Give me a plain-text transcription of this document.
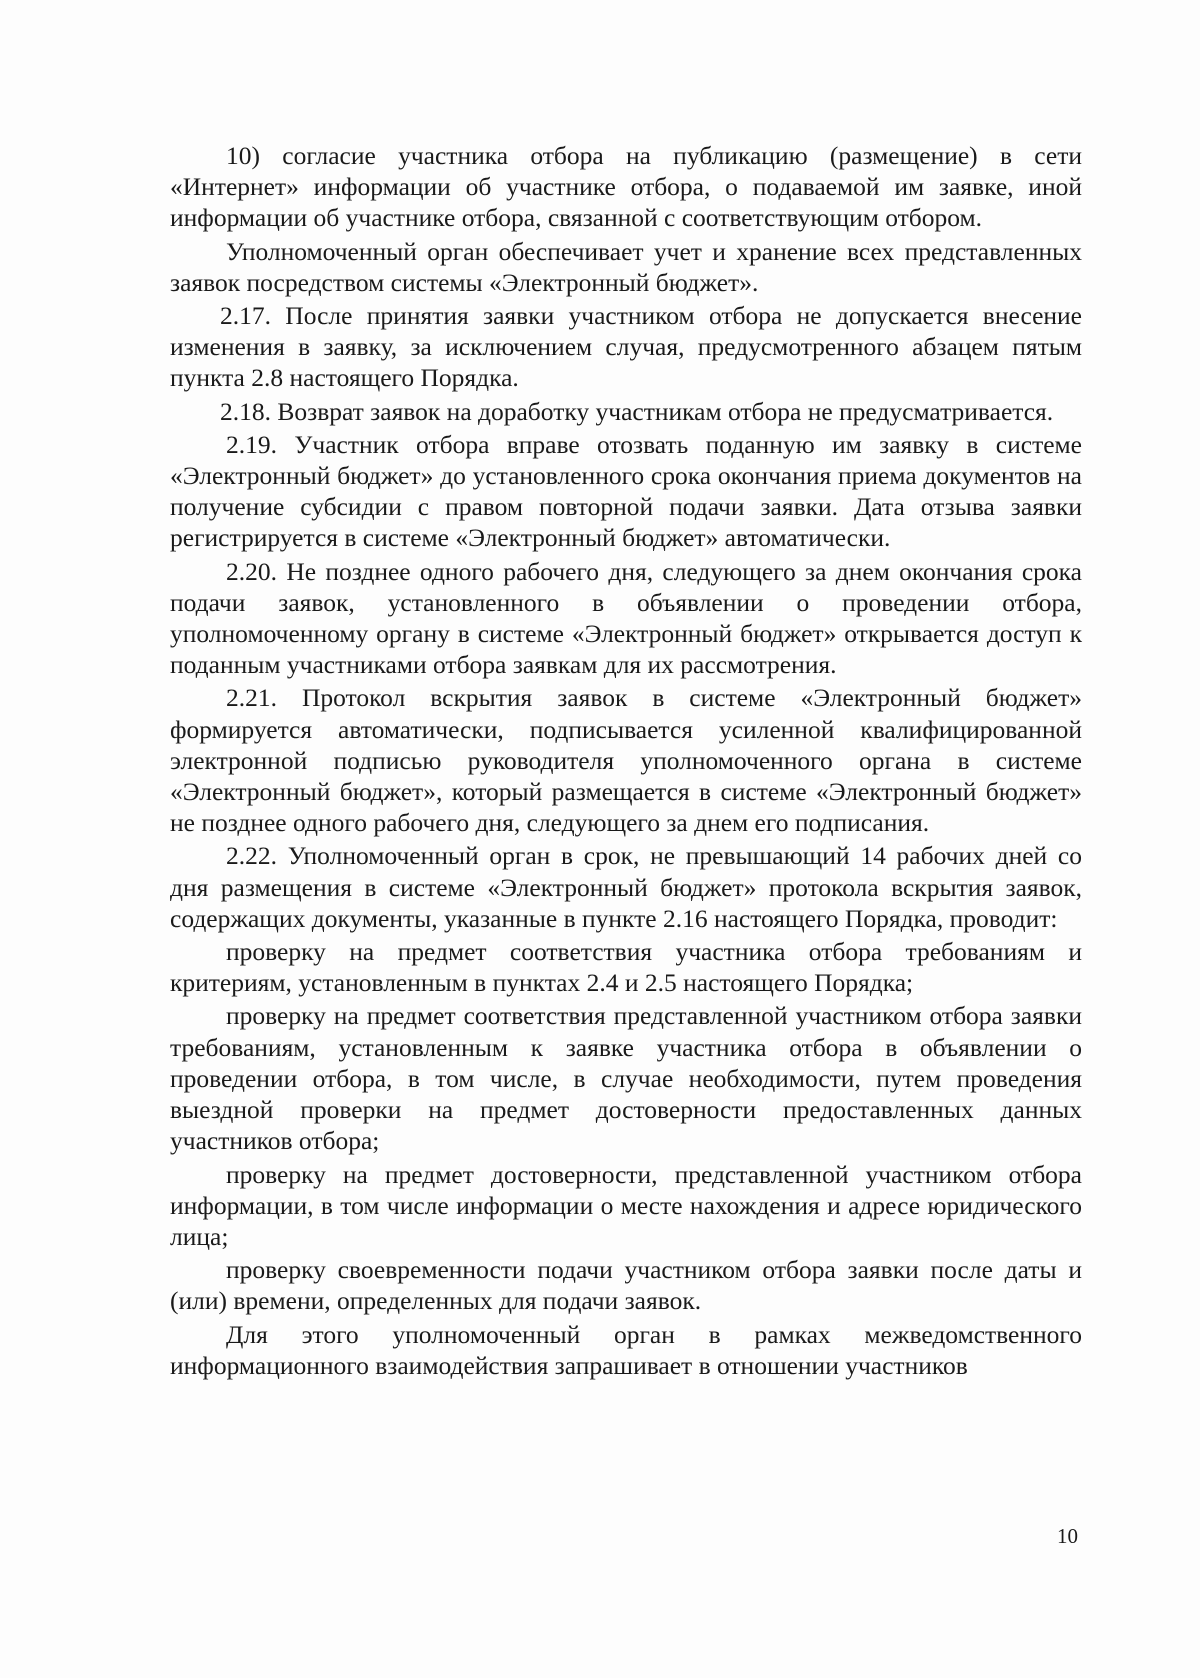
10) согласие участника отбора на публикацию (размещение) в сети «Интернет» информации об участнике отбора, о подаваемой им заявке, иной информации об участнике отбора, связанной с соответствующим отбором.

Уполномоченный орган обеспечивает учет и хранение всех представленных заявок посредством системы «Электронный бюджет».

2.17. После принятия заявки участником отбора не допускается внесение изменения в заявку, за исключением случая, предусмотренного абзацем пятым пункта 2.8 настоящего Порядка.

2.18. Возврат заявок на доработку участникам отбора не предусматривается.

2.19. Участник отбора вправе отозвать поданную им заявку в системе «Электронный бюджет» до установленного срока окончания приема документов на получение субсидии с правом повторной подачи заявки. Дата отзыва заявки регистрируется в системе «Электронный бюджет» автоматически.

2.20. Не позднее одного рабочего дня, следующего за днем окончания срока подачи заявок, установленного в объявлении о проведении отбора, уполномоченному органу в системе «Электронный бюджет» открывается доступ к поданным участниками отбора заявкам для их рассмотрения.

2.21. Протокол вскрытия заявок в системе «Электронный бюджет» формируется автоматически, подписывается усиленной квалифицированной электронной подписью руководителя уполномоченного органа в системе «Электронный бюджет», который размещается в системе «Электронный бюджет» не позднее одного рабочего дня, следующего за днем его подписания.

2.22. Уполномоченный орган в срок, не превышающий 14 рабочих дней со дня размещения в системе «Электронный бюджет» протокола вскрытия заявок, содержащих документы, указанные в пункте 2.16 настоящего Порядка, проводит:

проверку на предмет соответствия участника отбора требованиям и критериям, установленным в пунктах 2.4 и 2.5 настоящего Порядка;

проверку на предмет соответствия представленной участником отбора заявки требованиям, установленным к заявке участника отбора в объявлении о проведении отбора, в том числе, в случае необходимости, путем проведения выездной проверки на предмет достоверности предоставленных данных участников отбора;

проверку на предмет достоверности, представленной участником отбора информации, в том числе информации о месте нахождения и адресе юридического лица;

проверку своевременности подачи участником отбора заявки после даты и (или) времени, определенных для подачи заявок.

Для этого уполномоченный орган в рамках межведомственного информационного взаимодействия запрашивает в отношении участников

10
